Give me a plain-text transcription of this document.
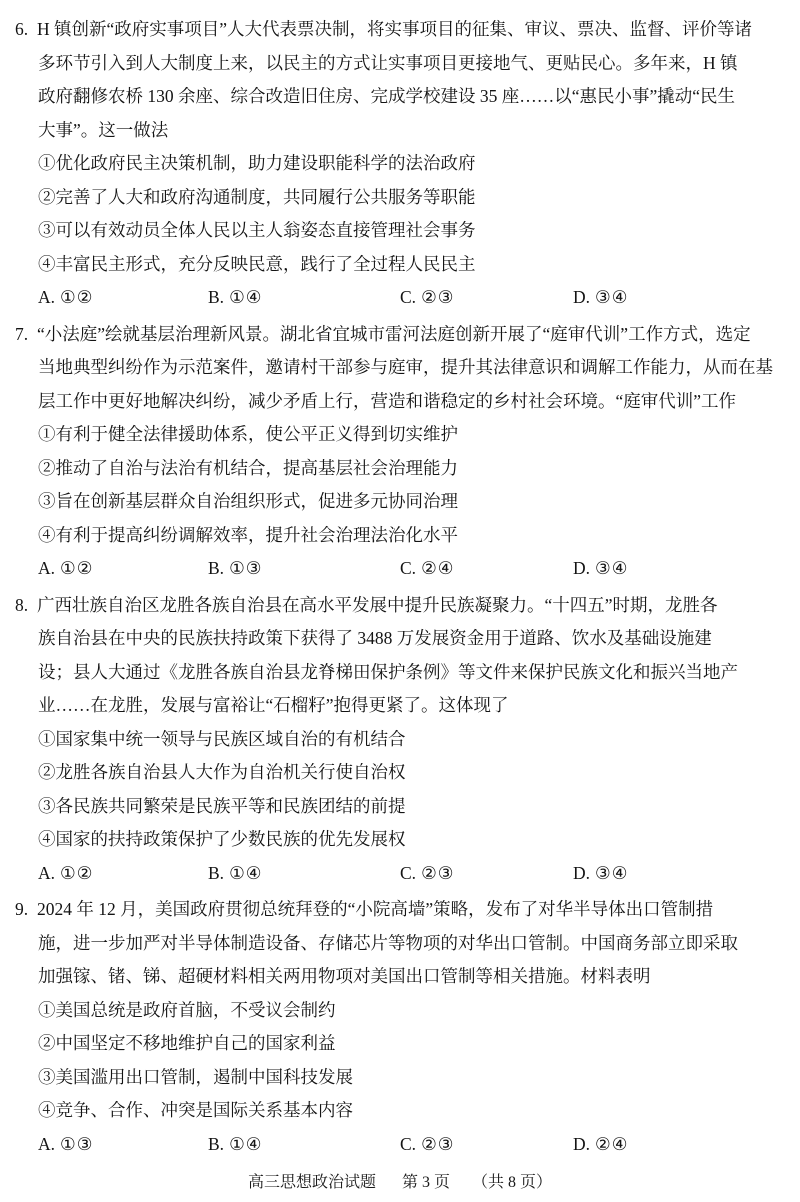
6. H 镇创新“政府实事项目”人大代表票决制，将实事项目的征集、审议、票决、监督、评价等诸
多环节引入到人大制度上来，以民主的方式让实事项目更接地气、更贴民心。多年来，H 镇
政府翻修农桥 130 余座、综合改造旧住房、完成学校建设 35 座……以“惠民小事”撬动“民生
大事”。这一做法
①优化政府民主决策机制，助力建设职能科学的法治政府
②完善了人大和政府沟通制度，共同履行公共服务等职能
③可以有效动员全体人民以主人翁姿态直接管理社会事务
④丰富民主形式，充分反映民意，践行了全过程人民民主
A. ①②	B. ①④	C. ②③	D. ③④
7. “小法庭”绘就基层治理新风景。湖北省宜城市雷河法庭创新开展了“庭审代训”工作方式，选定
当地典型纠纷作为示范案件，邀请村干部参与庭审，提升其法律意识和调解工作能力，从而在基
层工作中更好地解决纠纷，减少矛盾上行，营造和谐稳定的乡村社会环境。“庭审代训”工作
①有利于健全法律援助体系，使公平正义得到切实维护
②推动了自治与法治有机结合，提高基层社会治理能力
③旨在创新基层群众自治组织形式，促进多元协同治理
④有利于提高纠纷调解效率，提升社会治理法治化水平
A. ①②	B. ①③	C. ②④	D. ③④
8. 广西壮族自治区龙胜各族自治县在高水平发展中提升民族凝聚力。“十四五”时期，龙胜各
族自治县在中央的民族扶持政策下获得了 3488 万发展资金用于道路、饮水及基础设施建
设；县人大通过《龙胜各族自治县龙脊梯田保护条例》等文件来保护民族文化和振兴当地产
业……在龙胜，发展与富裕让“石榴籽”抱得更紧了。这体现了
①国家集中统一领导与民族区域自治的有机结合
②龙胜各族自治县人大作为自治机关行使自治权
③各民族共同繁荣是民族平等和民族团结的前提
④国家的扶持政策保护了少数民族的优先发展权
A. ①②	B. ①④	C. ②③	D. ③④
9. 2024 年 12 月，美国政府贯彻总统拜登的“小院高墙”策略，发布了对华半导体出口管制措
施，进一步加严对半导体制造设备、存储芯片等物项的对华出口管制。中国商务部立即采取
加强镓、锗、锑、超硬材料相关两用物项对美国出口管制等相关措施。材料表明
①美国总统是政府首脑，不受议会制约
②中国坚定不移地维护自己的国家利益
③美国滥用出口管制，遏制中国科技发展
④竞争、合作、冲突是国际关系基本内容
A. ①③	B. ①④	C. ②③	D. ②④
高三思想政治试题 第 3 页 （共 8 页）
